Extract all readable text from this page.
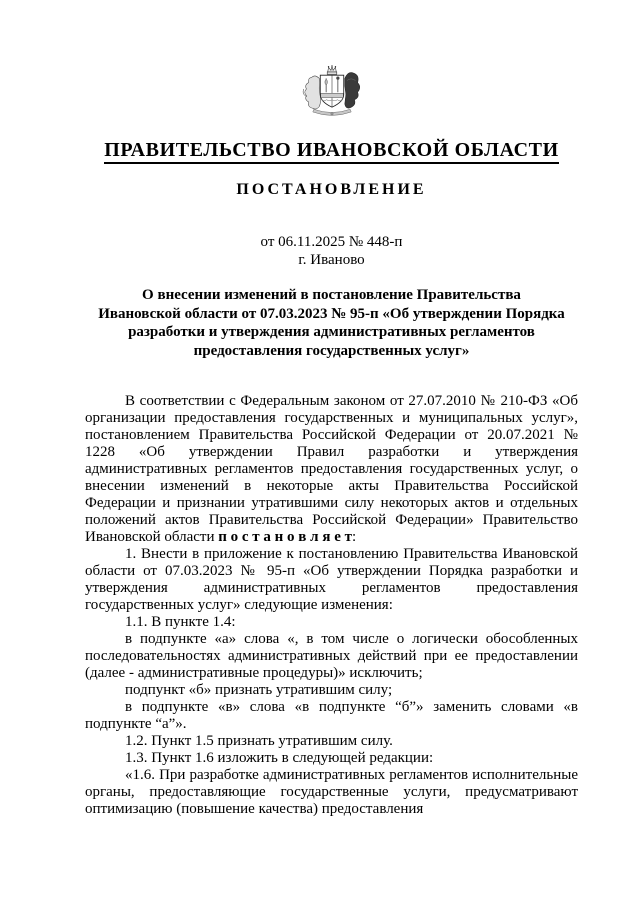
ПРАВИТЕЛЬСТВО ИВАНОВСКОЙ ОБЛАСТИ
ПОСТАНОВЛЕНИЕ
от 06.11.2025 № 448-п
г. Иваново
О внесении изменений в постановление Правительства
Ивановской области от 07.03.2023 № 95-п «Об утверждении Порядка
разработки и утверждения административных регламентов
предоставления государственных услуг»

В соответствии с Федеральным законом от 27.07.2010 № 210-ФЗ «Об организации предоставления государственных и муниципальных услуг», постановлением Правительства Российской Федерации от 20.07.2021 № 1228 «Об утверждении Правил разработки и утверждения административных регламентов предоставления государственных услуг, о внесении изменений в некоторые акты Правительства Российской Федерации и признании утратившими силу некоторых актов и отдельных положений актов Правительства Российской Федерации» Правительство Ивановской области п о с т а н о в л я е т:

1. Внести в приложение к постановлению Правительства Ивановской области от 07.03.2023 № 95-п «Об утверждении Порядка разработки и утверждения административных регламентов предоставления государственных услуг» следующие изменения:

1.1. В пункте 1.4:

в подпункте «а» слова «, в том числе о логически обособленных последовательностях административных действий при ее предоставлении (далее - административные процедуры)» исключить;

подпункт «б» признать утратившим силу;

в подпункте «в» слова «в подпункте “б”» заменить словами «в подпункте “а”».

1.2. Пункт 1.5 признать утратившим силу.

1.3. Пункт 1.6 изложить в следующей редакции:

«1.6. При разработке административных регламентов исполнительные органы, предоставляющие государственные услуги, предусматривают оптимизацию (повышение качества) предоставления
